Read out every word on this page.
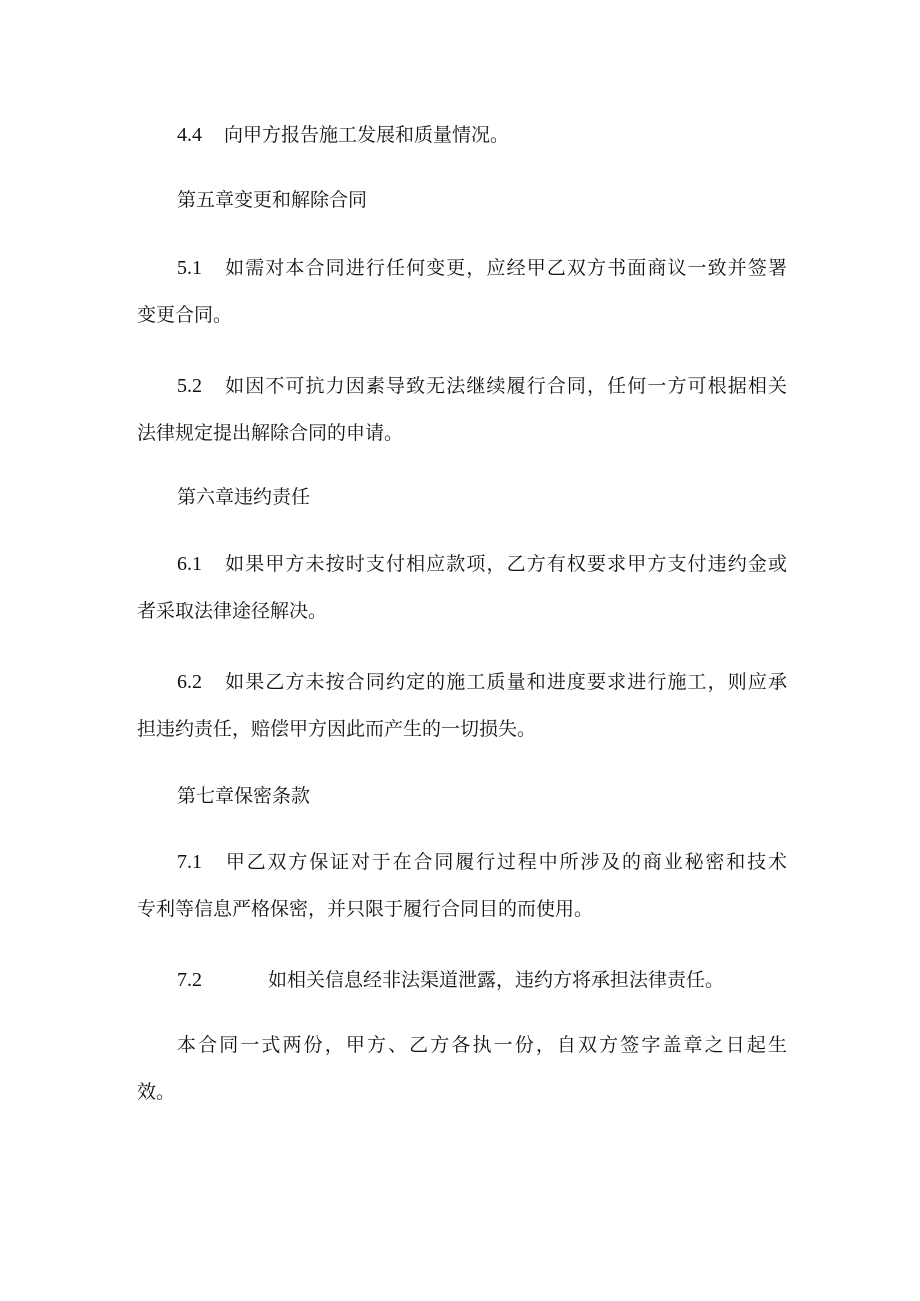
4.4 向甲方报告施工发展和质量情况。
第五章变更和解除合同
5.1 如需对本合同进行任何变更，应经甲乙双方书面商议一致并签署
变更合同。
5.2 如因不可抗力因素导致无法继续履行合同，任何一方可根据相关
法律规定提出解除合同的申请。
第六章违约责任
6.1 如果甲方未按时支付相应款项，乙方有权要求甲方支付违约金或
者采取法律途径解决。
6.2 如果乙方未按合同约定的施工质量和进度要求进行施工，则应承
担违约责任，赔偿甲方因此而产生的一切损失。
第七章保密条款
7.1 甲乙双方保证对于在合同履行过程中所涉及的商业秘密和技术
专利等信息严格保密，并只限于履行合同目的而使用。
7.2	如相关信息经非法渠道泄露，违约方将承担法律责任。
本合同一式两份，甲方、乙方各执一份，自双方签字盖章之日起生
效。
